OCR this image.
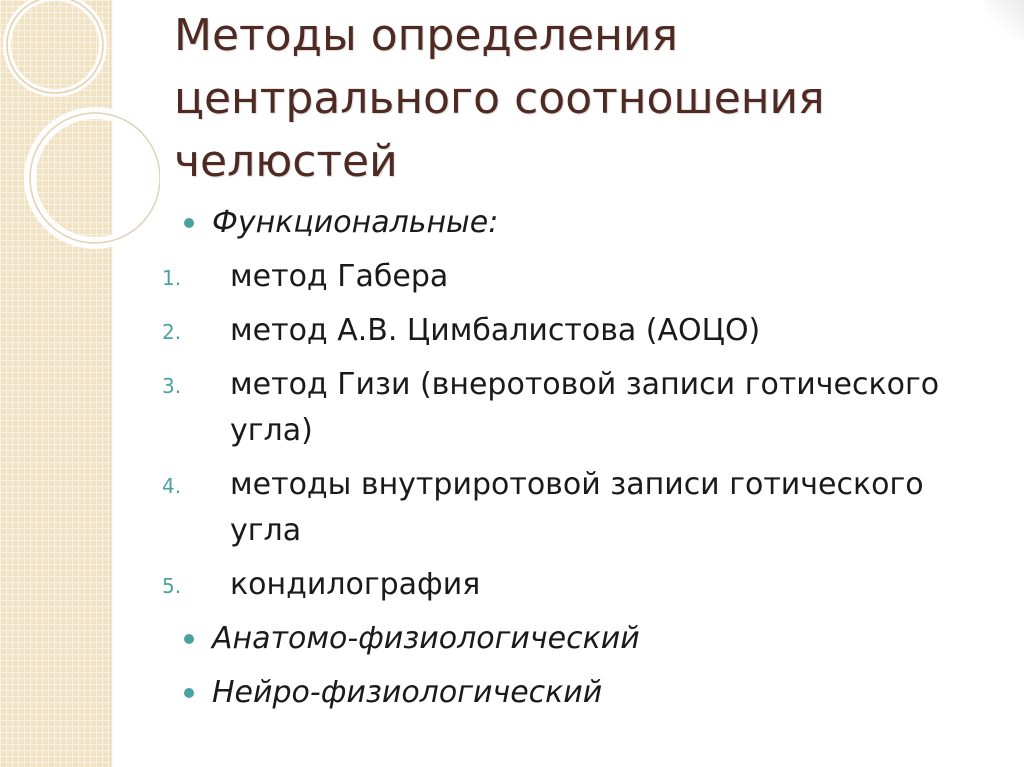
Методы определения центрального соотношения челюстей
Функциональные:
1.	метод Габера
2.	метод А.В. Цимбалистова (АОЦО)
3.	метод Гизи (внеротовой записи готического угла)
4.	методы внутриротовой записи готического угла
5.	кондилография
Анатомо-физиологический
Нейро-физиологический
